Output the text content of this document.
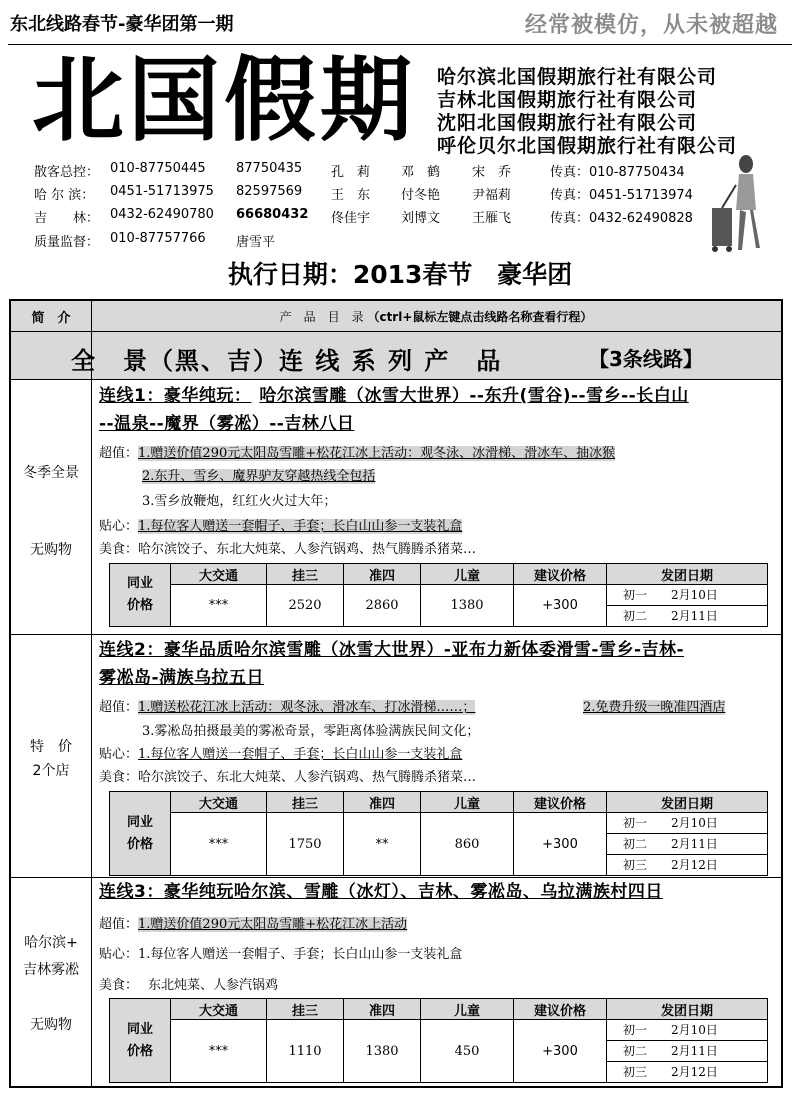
东北线路春节-豪华团第一期	经常被模仿，从未被超越
北国假期 哈尔滨北国假期旅行社有限公司
吉林北国假期旅行社有限公司
沈阳北国假期旅行社有限公司
呼伦贝尔北国假期旅行社有限公司
散客总控： 010-87750445 87750435 孔　莉 邓　鹤 宋　乔	传真：010-87750434
哈 尔 滨： 0451-51713975 82597569 王　东 付冬艳 尹福莉	传真：0451-51713974
吉　　林： 0432-62490780 66680432 佟佳宇 刘博文 王雁飞	传真：0432-62490828
质量监督： 010-87757766 唐雪平
执行日期：2013春节 豪华团
简　介	产　品　目　录 （ctrl+鼠标左键点击线路名称查看行程）
全　景（黑、吉）连 线 系 列 产　品	【3条线路】
冬季全景
无购物
连线1：豪华纯玩： 哈尔滨雪雕（冰雪大世界）--东升(雪谷)--雪乡--长白山
--温泉--魔界（雾凇）--吉林八日
超值：1.赠送价值290元太阳岛雪雕+松花江冰上活动：观冬泳、冰滑梯、滑冰车、抽冰猴
2.东升、雪乡、魔界驴友穿越热线全包括
3.雪乡放鞭炮，红红火火过大年；
贴心：1.每位客人赠送一套帽子、手套；长白山山参一支装礼盒
美食：哈尔滨饺子、东北大炖菜、人参汽锅鸡、热气腾腾杀猪菜…
同业
价格	大交通	挂三	准四	儿童	建议价格	发团日期
	***	2520	2860	1380	+300	初一　　2月10日
						初二　　2月11日
特　价
2个店
连线2：豪华品质哈尔滨雪雕（冰雪大世界）-亚布力新体委滑雪-雪乡-吉林-
雾凇岛-满族乌拉五日
超值：1.赠送松花江冰上活动：观冬泳、滑冰车、打冰滑梯……；	2.免费升级一晚准四酒店
3.雾凇岛拍摄最美的雾凇奇景，零距离体验满族民间文化；
贴心：1.每位客人赠送一套帽子、手套；长白山山参一支装礼盒
美食：哈尔滨饺子、东北大炖菜、人参汽锅鸡、热气腾腾杀猪菜…
同业
价格	大交通	挂三	准四	儿童	建议价格	发团日期
	***	1750	**	860	+300	初一　　2月10日
						初二　　2月11日
						初三　　2月12日
哈尔滨+
吉林雾凇
无购物
连线3：豪华纯玩哈尔滨、雪雕（冰灯）、吉林、雾凇岛、乌拉满族村四日
超值：1.赠送价值290元太阳岛雪雕+松花江冰上活动
贴心：1.每位客人赠送一套帽子、手套；长白山山参一支装礼盒
美食： 东北炖菜、人参汽锅鸡
同业
价格	大交通	挂三	准四	儿童	建议价格	发团日期
	***	1110	1380	450	+300	初一　　2月10日
						初二　　2月11日
						初三　　2月12日
